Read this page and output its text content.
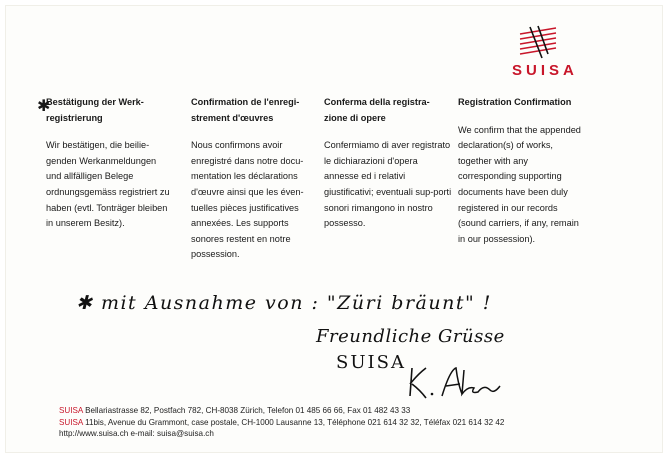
SUISA
✱
Bestätigung der Werk-registrierung

Wir bestätigen, die beilie-genden Werkanmeldungen und allfälligen Belege ordnungsgemäss registriert zu haben (evtl. Tonträger bleiben in unserem Besitz).

Confirmation de l'enregi-strement d'œuvres

Nous confirmons avoir enregistré dans notre docu-mentation les déclarations d'œuvre ainsi que les éven-tuelles pièces justificatives annexées. Les supports sonores restent en notre possession.

Conferma della registra-zione di opere

Confermiamo di aver registrato le dichiarazioni d'opera annesse ed i relativi giustificativi; eventuali sup-porti sonori rimangono in nostro possesso.

Registration Confirmation

We confirm that the appended declaration(s) of works, together with any corresponding supporting documents have been duly registered in our records (sound carriers, if any, remain in our possession).

✱ mit Ausnahme von : "Züri bräunt" !
Freundliche Grüsse
SUISA
SUISA Bellariastrasse 82, Postfach 782, CH-8038 Zürich, Telefon 01 485 66 66, Fax 01 482 43 33
SUISA 11bis, Avenue du Grammont, case postale, CH-1000 Lausanne 13, Téléphone 021 614 32 32, Téléfax 021 614 32 42
http://www.suisa.ch e-mail: suisa@suisa.ch
